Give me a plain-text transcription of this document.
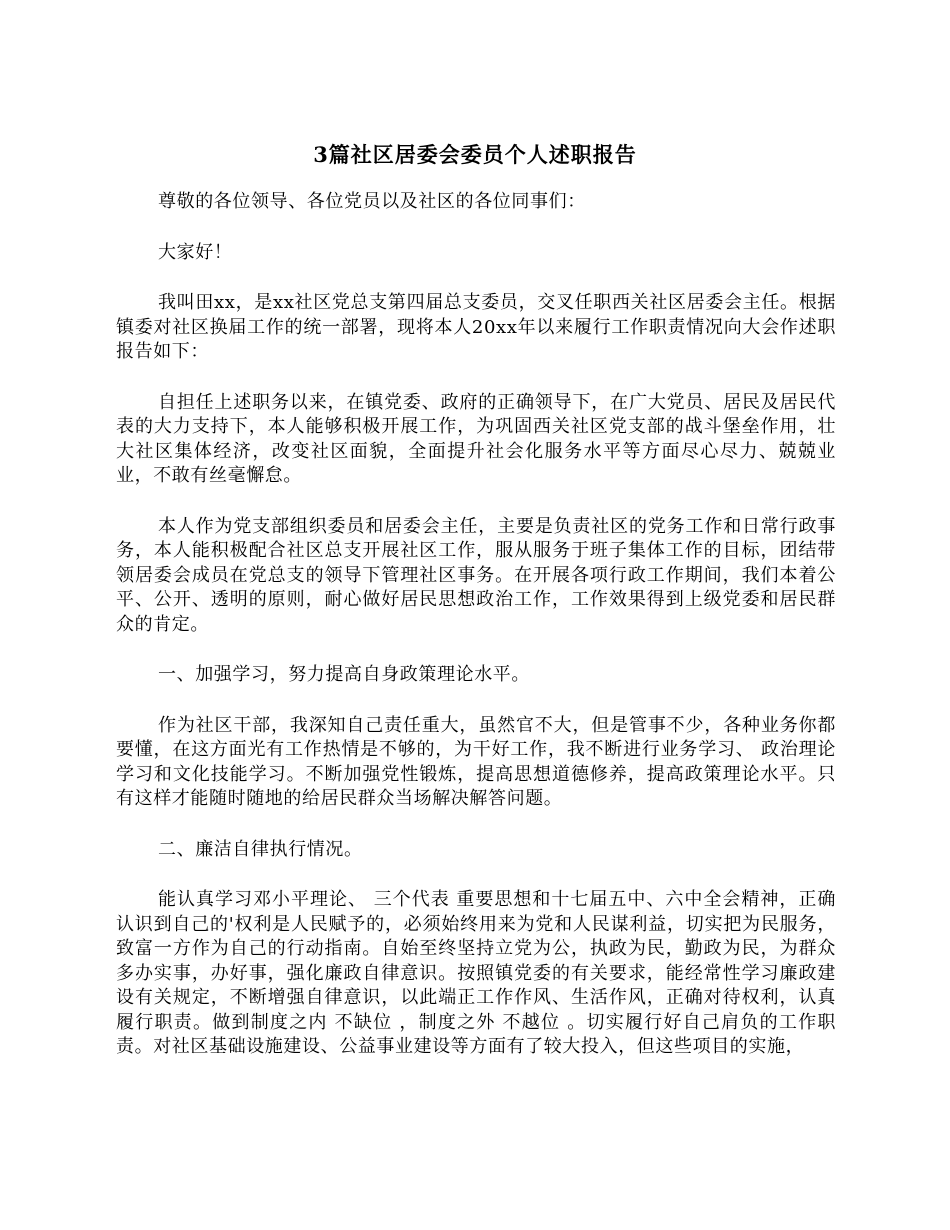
3篇社区居委会委员个人述职报告

尊敬的各位领导、各位党员以及社区的各位同事们：

大家好！

我叫田xx，是xx社区党总支第四届总支委员，交叉任职西关社区居委会主任。根据镇委对社区换届工作的统一部署，现将本人20xx年以来履行工作职责情况向大会作述职报告如下：

自担任上述职务以来，在镇党委、政府的正确领导下，在广大党员、居民及居民代表的大力支持下，本人能够积极开展工作，为巩固西关社区党支部的战斗堡垒作用，壮大社区集体经济，改变社区面貌，全面提升社会化服务水平等方面尽心尽力、兢兢业业，不敢有丝毫懈怠。

本人作为党支部组织委员和居委会主任，主要是负责社区的党务工作和日常行政事务，本人能积极配合社区总支开展社区工作，服从服务于班子集体工作的目标，团结带领居委会成员在党总支的领导下管理社区事务。在开展各项行政工作期间，我们本着公平、公开、透明的原则，耐心做好居民思想政治工作，工作效果得到上级党委和居民群众的肯定。

一、加强学习，努力提高自身政策理论水平。

作为社区干部，我深知自己责任重大，虽然官不大，但是管事不少，各种业务你都要懂，在这方面光有工作热情是不够的，为干好工作，我不断进行业务学习、 政治理论学习和文化技能学习。不断加强党性锻炼，提高思想道德修养，提高政策理论水平。只有这样才能随时随地的给居民群众当场解决解答问题。

二、廉洁自律执行情况。

能认真学习邓小平理论、 三个代表 重要思想和十七届五中、六中全会精神，正确认识到自己的'权利是人民赋予的，必须始终用来为党和人民谋利益，切实把为民服务，致富一方作为自己的行动指南。自始至终坚持立党为公，执政为民，勤政为民，为群众多办实事，办好事，强化廉政自律意识。按照镇党委的有关要求，能经常性学习廉政建设有关规定，不断增强自律意识，以此端正工作作风、生活作风，正确对待权利，认真履行职责。做到制度之内 不缺位 ，制度之外 不越位 。切实履行好自己肩负的工作职责。对社区基础设施建设、公益事业建设等方面有了较大投入，但这些项目的实施，
